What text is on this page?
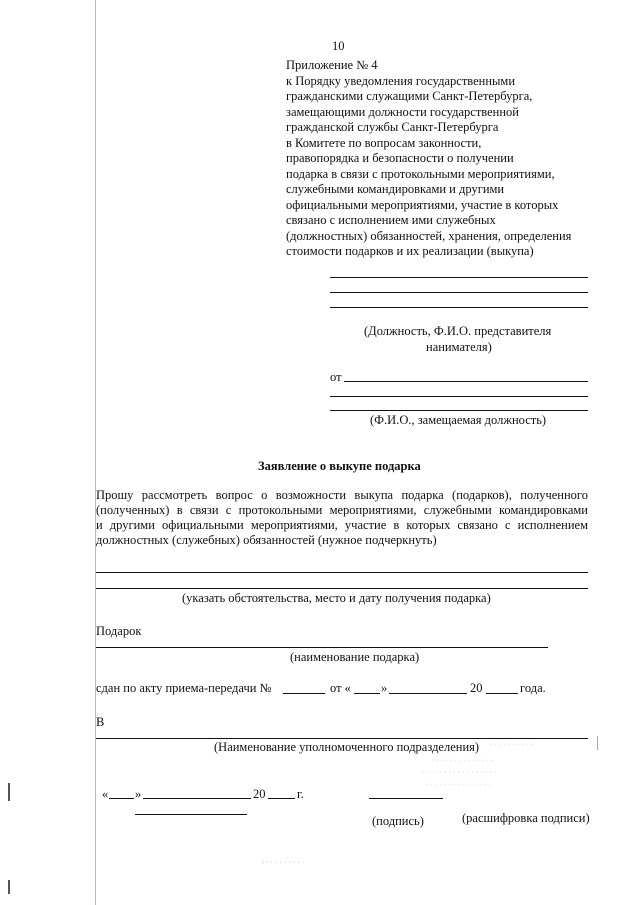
10
Приложение № 4
к Порядку уведомления государственными
гражданскими служащими Санкт-Петербурга,
замещающими должности государственной
гражданской службы Санкт-Петербурга
в Комитете по вопросам законности,
правопорядка и безопасности о получении
подарка в связи с протокольными мероприятиями,
служебными командировками и другими
официальными мероприятиями, участие в которых
связано с исполнением ими служебных
(должностных) обязанностей, хранения, определения
стоимости подарков и их реализации (выкупа)
(Должность, Ф.И.О. представителя
нанимателя)
от
(Ф.И.О., замещаемая должность)
Заявление о выкупе подарка
Прошу рассмотреть вопрос о возможности выкупа подарка (подарков), полученного
(полученных) в связи с протокольными мероприятиями, служебными командировками
и другими официальными мероприятиями, участие в которых связано с исполнением
должностных (служебных) обязанностей (нужное подчеркнуть)
(указать обстоятельства, место и дату получения подарка)
Подарок
(наименование подарка)
сдан по акту приема-передачи №	от « »	20	года.
В
(Наименование уполномоченного подразделения)
« »	20	г.
(подпись)	(расшифровка подписи)
· · · · · · · · · ·
· · · · · · · · · · · · · ·
· · · · · · · · · · · · · · · · ·
· · · · · · · · · · · · · · ·
\ · · · · · · · · ·
